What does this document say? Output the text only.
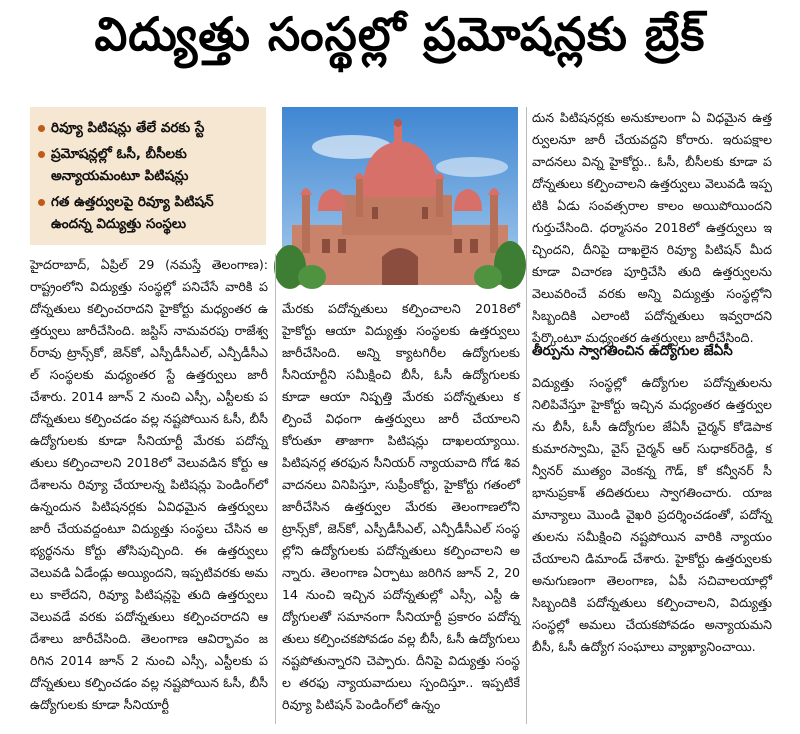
విద్యుత్తు సంస్థల్లో ప్రమోషన్లకు బ్రేక్
రివ్యూ పిటిషన్లు తేలే వరకు స్టే
ప్రమోషన్లల్లో ఓసీ, బీసీలకు అన్యాయమంటూ పిటిషన్లు
గత ఉత్తర్వులపై రివ్యూ పిటిషన్ ఉందన్న విద్యుత్తు సంస్థలు

హైదరాబాద్, ఏప్రిల్ 29 (నమస్తే తెలంగాణ): రాష్ట్రంలోని విద్యుత్తు సంస్థల్లో పనిచేసే వారికి పదోన్నతులు కల్పించరాదని హైకోర్టు మధ్యంతర ఉత్తర్వులు జారీచేసింది. జస్టిస్ నామవరపు రాజేశ్వర్‌రావు ట్రాన్స్‌కో, జెన్‌కో, ఎస్పీడీసీఎల్, ఎన్పీడీసీఎల్ సంస్థలకు మధ్యంతర స్టే ఉత్తర్వులు జారీ చేశారు. 2014 జూన్ 2 నుంచి ఎస్సీ, ఎస్టీలకు పదోన్నతులు కల్పించడం వల్ల నష్టపోయిన ఓసీ, బీసీ ఉద్యోగులకు కూడా సీనియార్టీ మేరకు పదోన్నతులు కల్పించాలని 2018లో వెలువడిన కోర్టు ఆదేశాలను రివ్యూ చేయాలన్న పిటిషన్లు పెండింగ్‌లో ఉన్నందున పిటిషనర్లకు ఏవిధమైన ఉత్తర్వులు జారీ చేయవద్దంటూ విద్యుత్తు సంస్థలు చేసిన అభ్యర్థనను కోర్టు తోసిపుచ్చింది. ఈ ఉత్తర్వులు వెలువడి ఏడేండ్లు అయ్యిందని, ఇప్పటివరకు అమలు కాలేదని, రివ్యూ పిటిషన్లపై తుది ఉత్తర్వులు వెలువడే వరకు పదోన్నతులు కల్పించరాదని ఆదేశాలు జారీచేసింది. తెలంగాణ ఆవిర్భావం జరిగిన 2014 జూన్ 2 నుంచి ఎస్సీ, ఎస్టీలకు పదోన్నతులు కల్పించడం వల్ల నష్టపోయిన ఓసీ, బీసీ ఉద్యోగులకు కూడా సీనియార్టీ

మేరకు పదోన్నతులు కల్పించాలని 2018లో హైకోర్టు ఆయా విద్యుత్తు సంస్థలకు ఉత్తర్వులు జారీచేసింది. అన్ని క్యాటగిరీల ఉద్యోగులకు సీనియార్టీని సమీక్షించి బీసీ, ఓసీ ఉద్యోగులకు కూడా ఆయా నిష్పత్తి మేరకు పదోన్నతులు కల్పించే విధంగా ఉత్తర్వులు జారీ చేయాలని కోరుతూ తాజాగా పిటిషన్లు దాఖలయ్యాయి. పిటిషనర్ల తరఫున సీనియర్ న్యాయవాది గోడ శివ వాదనలు వినిపిస్తూ, సుప్రీంకోర్టు, హైకోర్టు గతంలో జారీచేసిన ఉత్తర్వుల మేరకు తెలంగాణలోని ట్రాన్స్‌కో, జెన్‌కో, ఎస్పీడీసీఎల్, ఎన్పీడీసీఎల్ సంస్థల్లోని ఉద్యోగులకు పదోన్నతులు కల్పించాలని అన్నారు. తెలంగాణ ఏర్పాటు జరిగిన జూన్ 2, 2014 నుంచి ఇచ్చిన పదోన్నతుల్లో ఎస్సీ, ఎస్టీ ఉద్యోగులతో సమానంగా సీనియార్టీ ప్రకారం పదోన్నతులు కల్పించకపోవడం వల్ల బీసీ, ఓసీ ఉద్యోగులు నష్టపోతున్నారని చెప్పారు. దీనిపై విద్యుత్తు సంస్థల తరఫు న్యాయవాదులు స్పందిస్తూ.. ఇప్పటికే రివ్యూ పిటిషన్ పెండింగ్‌లో ఉన్నం

దున పిటిషనర్లకు అనుకూలంగా ఏ విధమైన ఉత్తర్వులనూ జారీ చేయవద్దని కోరారు. ఇరుపక్షాల వాదనలు విన్న హైకోర్టు.. ఓసీ, బీసీలకు కూడా పదోన్నతులు కల్పించాలని ఉత్తర్వులు వెలువడి ఇప్పటికి ఏడు సంవత్సరాల కాలం అయిపోయిందని గుర్తుచేసింది. ధర్మాసనం 2018లో ఉత్తర్వులు ఇచ్చిందని, దీనిపై దాఖలైన రివ్యూ పిటిషన్ మీద కూడా విచారణ పూర్తిచేసి తుది ఉత్తర్వులను వెలువరించే వరకు అన్ని విద్యుత్తు సంస్థల్లోని సిబ్బందికి ఎలాంటి పదోన్నతులు ఇవ్వరాదని పేర్కొంటూ మధ్యంతర ఉత్తర్వులు జారీచేసింది.

తీర్పును స్వాగతించిన ఉద్యోగుల జేఏసీ

విద్యుత్తు సంస్థల్లో ఉద్యోగుల పదోన్నతులను నిలిపివేస్తూ హైకోర్టు ఇచ్చిన మధ్యంతర ఉత్తర్వులను బీసీ, ఓసీ ఉద్యోగుల జేఏసీ చైర్మన్ కోడెపాక కుమారస్వామి, వైస్ చైర్మన్ ఆర్ సుధాకర్‌రెడ్డి, కన్వీనర్ ముత్యం వెంకన్న గౌడ్, కో కన్వీనర్ సీ భానుప్రకాశ్ తదితరులు స్వాగతించారు. యాజమాన్యాలు మొండి వైఖరి ప్రదర్శించడంతో, పదోన్నతులను సమీక్షించి నష్టపోయిన వారికి న్యాయం చేయాలని డిమాండ్ చేశారు. హైకోర్టు ఉత్తర్వులకు అనుగుణంగా తెలంగాణ, ఏపీ సచివాలయాల్లో సిబ్బందికి పదోన్నతులు కల్పించాలని, విద్యుత్తు సంస్థల్లో అమలు చేయకపోవడం అన్యాయమని బీసీ, ఓసీ ఉద్యోగ సంఘాలు వ్యాఖ్యానించాయి.
